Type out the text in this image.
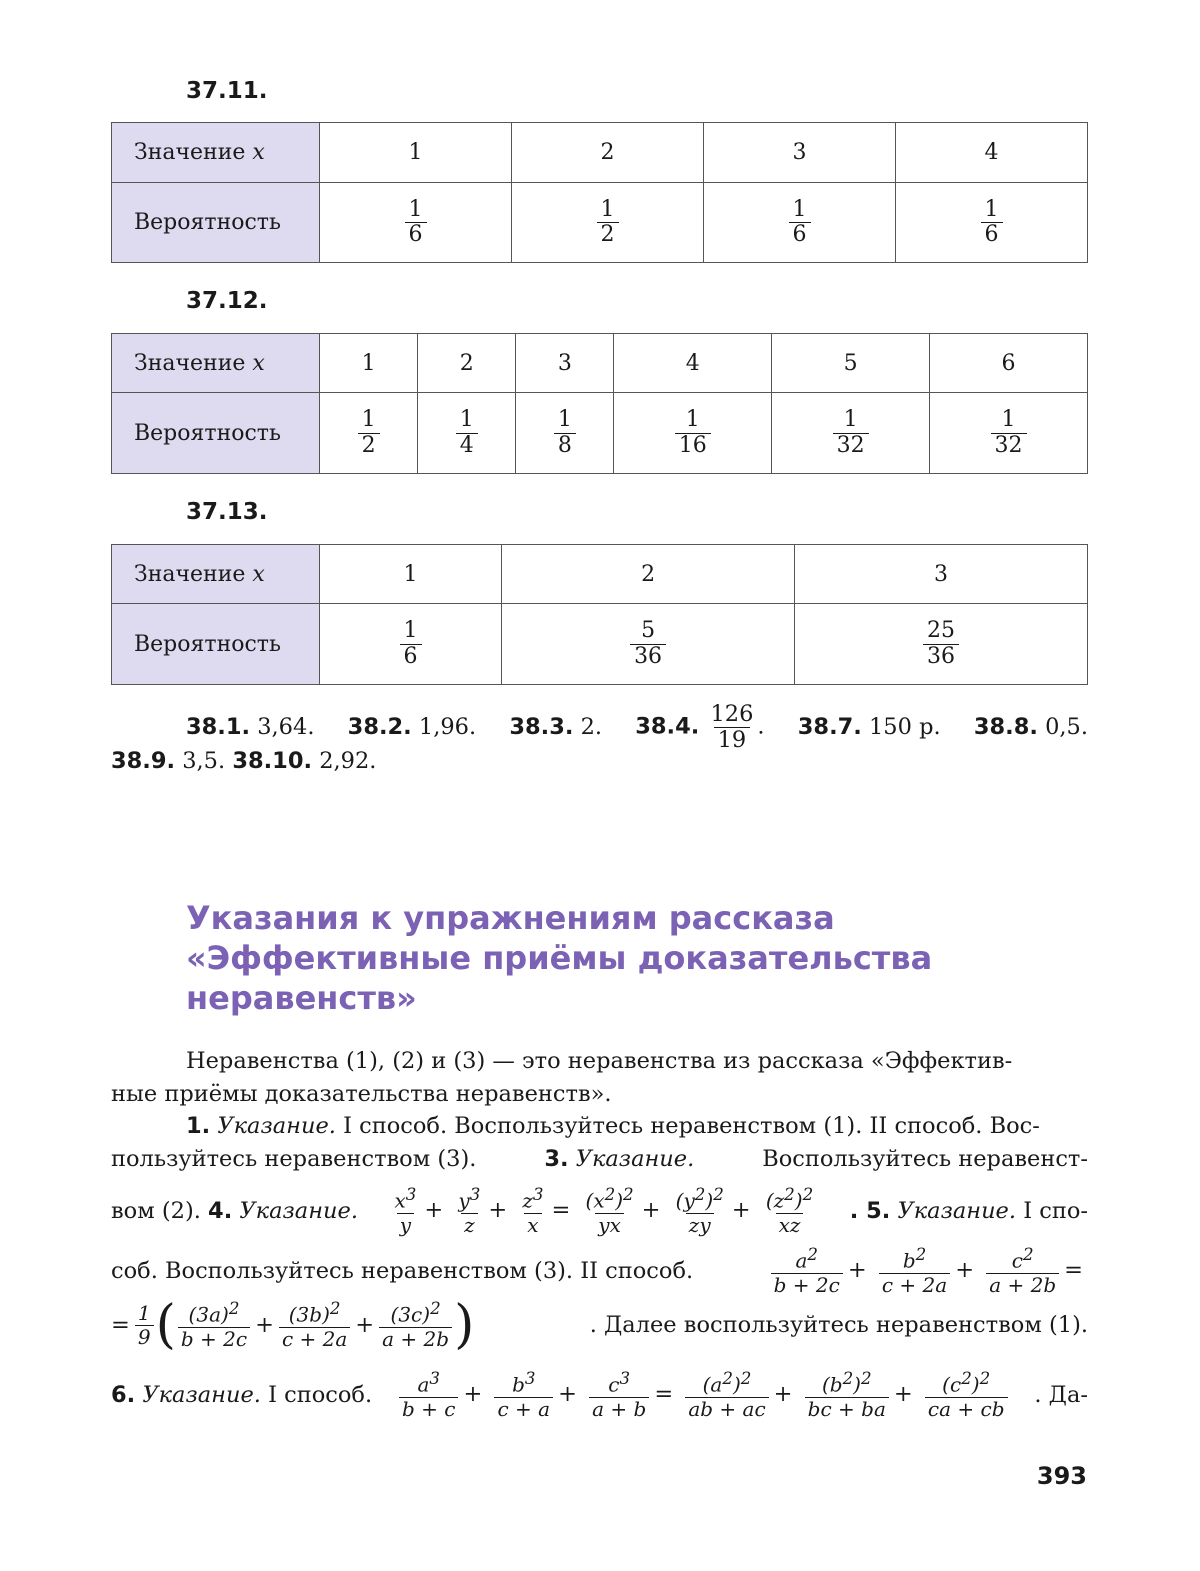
37.11.
Значение x	1	2	3	4
Вероятность	$\frac{1}{6}$	$\frac{1}{2}$	$\frac{1}{6}$	$\frac{1}{6}$
37.12.
Значение x	1	2	3	4	5	6
Вероятность	$\frac{1}{2}$	$\frac{1}{4}$	$\frac{1}{8}$	$\frac{1}{16}$	$\frac{1}{32}$	$\frac{1}{32}$
37.13.
Значение x	1	2	3
Вероятность	$\frac{1}{6}$	$\frac{5}{36}$	$\frac{25}{36}$
38.1. 3,64. 38.2. 1,96. 38.3. 2. 38.4. $\frac{126}{19}$ . 38.7. 150 р. 38.8. 0,5.
38.9. 3,5. 38.10. 2,92.
Указания к упражнениям рассказа
«Эффективные приёмы доказательства
неравенств»
Неравенства (1), (2) и (3) — это неравенства из рассказа «Эффектив-
ные приёмы доказательства неравенств».
1. Указание. I способ. Воспользуйтесь неравенством (1). II способ. Вос-
пользуйтесь неравенством (3).	3. Указание.	Воспользуйтесь неравенст-
вом (2). 4. Указание. $\frac{x^3}{y} + \frac{y^3}{z} + \frac{z^3}{x} = \frac{(x^2)^2}{yx} + \frac{(y^2)^2}{zy} + \frac{(z^2)^2}{xz}$ . 5. Указание. I спо-
соб. Воспользуйтесь неравенством (3). II способ.	$\frac{a^2}{b + 2c} + \frac{b^2}{c + 2a} + \frac{c^2}{a + 2b}$ =
= $\frac{1}{9}$ ( $(3a)^2$
b + 2c
+ $\frac{(3b)^2}{c + 2a} + \frac{(3c)^2}{a + 2b}$ )	. Далее воспользуйтесь неравенством (1).
6. Указание. I способ. $\frac{a^3}{b + c} + \frac{b^3}{c + a} + \frac{c^3}{a + b} = \frac{(a^2)^2}{ab + ac} + \frac{(b^2)^2}{bc + ba} + \frac{(c^2)^2}{ca + cb}$ . Да-
393
